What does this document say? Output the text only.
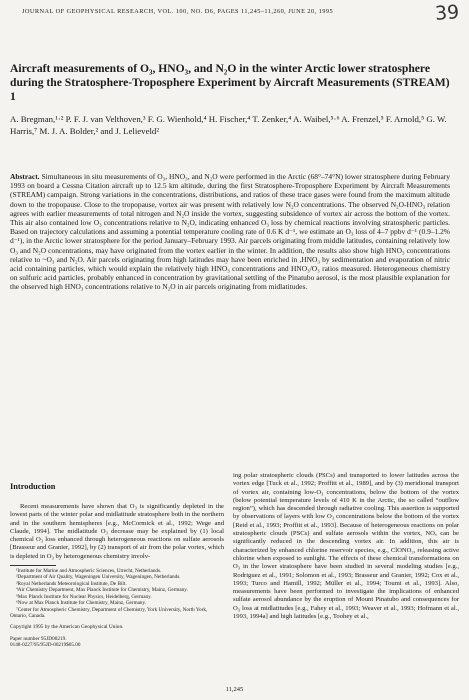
39
JOURNAL OF GEOPHYSICAL RESEARCH, VOL. 100, NO. D6, PAGES 11,245–11,260, JUNE 20, 1995
Aircraft measurements of O₃, HNO₃, and N₂O in the winter Arctic lower stratosphere during the Stratosphere-Troposphere Experiment by Aircraft Measurements (STREAM) 1
A. Bregman,¹·² P. F. J. van Velthoven,³ F. G. Wienhold,⁴ H. Fischer,⁴ T. Zenker,⁴ A. Waibel,⁵·⁶ A. Frenzel,⁵ F. Arnold,⁵ G. W. Harris,⁷ M. J. A. Bolder,² and J. Lelieveld²
Abstract. Simultaneous in situ measurements of O₃, HNO₃, and N₂O were performed in the Arctic (68°–74°N) lower stratosphere during February 1993 on board a Cessna Citation aircraft up to 12.5 km altitude, during the first Stratosphere-Troposphere Experiment by Aircraft Measurements (STREAM) campaign. Strong variations in the concentrations, distributions, and ratios of these trace gases were found from the maximum altitude down to the tropopause. Close to the tropopause, vortex air was present with relatively low N₂O concentrations. The observed N₂O-HNO₃ relation agrees with earlier measurements of total nitrogen and N₂O inside the vortex, suggesting subsidence of vortex air across the bottom of the vortex. This air also contained low O₃ concentrations relative to N₂O, indicating enhanced O₃ loss by chemical reactions involving stratospheric particles. Based on trajectory calculations and assuming a potential temperature cooling rate of 0.6 K d⁻¹, we estimate an O₃ loss of 4–7 ppbv d⁻¹ (0.9–1.2% d⁻¹), in the Arctic lower stratosphere for the period January–February 1993. Air parcels originating from middle latitudes, containing relatively low O₃ and N₂O concentrations, may have originated from the vortex earlier in the winter. In addition, the results also show high HNO₃ concentrations relative to ~O₃ and N₂O. Air parcels originating from high latitudes may have been enriched in ,HNO₃ by sedimentation and evaporation of nitric acid containing particles, which would explain the relatively high HNO₃ concentrations and HNO₃/O₃ ratios measured. Heterogeneous chemistry on sulfuric acid particles, probably enhanced in concentration by gravitational settling of the Pinatubo aerosol, is the most plausible explanation for the observed high HNO₃ concentrations relative to N₂O in air parcels originating from midlatitudes.
Introduction
Recent measurements have shown that O₃ is significantly depleted in the lowest parts of the winter polar and midlatitude stratosphere both in the northern and in the southern hemispheres [e.g., McCormick et al., 1992; Wege and Claude, 1994]. The midlatitude O₃ decrease may be explained by (1) local chemical O₃ loss enhanced through heterogeneous reactions on sulfate aerosols [Brasseur and Granier, 1992], by (2) transport of air from the polar vortex, which is depleted in O₃ by heterogeneous chemistry involv-
¹Institute for Marine and Atmospheric Sciences, Utrecht, Netherlands.
²Department of Air Quality, Wageningen University, Wageningen, Netherlands.
³Royal Netherlands Meteorological Institute, De Bilt.
⁴Air Chemistry Department, Max Planck Institute for Chemistry, Mainz, Germany.
⁵Max Planck Institute for Nuclear Physics, Heidelberg, Germany.
⁶Now at Max Planck Institute for Chemistry, Mainz, Germany.
⁷Center for Atmospheric Chemistry, Department of Chemistry, York University, North York, Ontario, Canada.
Copyright 1995 by the American Geophysical Union.
Paper number 95JD00219.
0148-0227/95/95JD-00219$05.00
ing polar stratospheric clouds (PSCs) and transported to lower latitudes across the vortex edge [Tuck et al., 1992; Proffitt et al., 1989], and by (3) meridional transport of vortex air, containing low-O₃ concentrations, below the bottom of the vortex (below potential temperature levels of 410 K in the Arctic, the so called “outflow region”), which has descended through radiative cooling. This assertion is supported by observations of layers with low O₃ concentrations below the bottom of the vortex [Reid et al., 1993; Proffitt et al., 1993]. Because of heterogeneous reactions on polar stratospheric clouds (PSCs) and sulfate aerosols within the vortex, NOₓ can be significantly reduced in the descending vortex air. In addition, this air is characterized by enhanced chlorine reservoir species, e.g., ClONO₂, releasing active chlorine when exposed to sunlight. The effects of these chemical transformations on O₃ in the lower stratosphere have been studied in several modeling studies [e.g., Rodriguez et al., 1991; Solomon et al., 1993; Brasseur and Granier, 1992; Cox et al., 1993; Turco and Hamill, 1992; Müller et al., 1994; Toumi et al., 1993]. Also, measurements have been performed to investigate the implications of enhanced sulfate aerosol abundance by the eruption of Mount Pinatubo and consequences for O₃ loss at midlatitudes [e.g., Fahey et al., 1993; Weaver et al., 1993; Hofmann et al., 1993, 1994a] and high latitudes [e.g., Toohey et al.,
11,245
